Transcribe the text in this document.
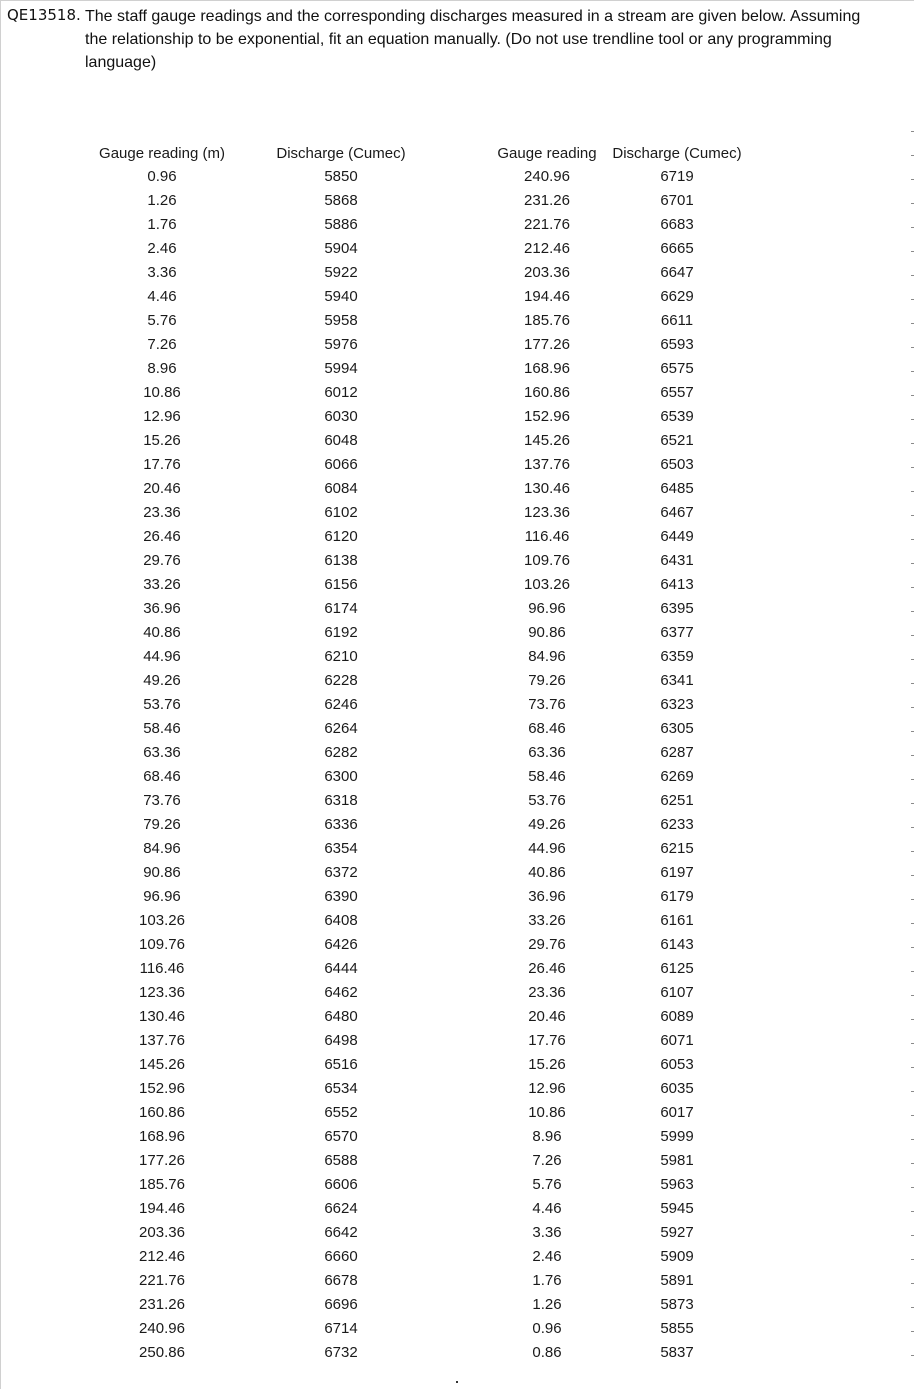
QE13518. The staff gauge readings and the corresponding discharges measured in a stream are given below. Assuming the relationship to be exponential, fit an equation manually. (Do not use trendline tool or any programming language)
Gauge reading (m)
0.96
1.26
1.76
2.46
3.36
4.46
5.76
7.26
8.96
10.86
12.96
15.26
17.76
20.46
23.36
26.46
29.76
33.26
36.96
40.86
44.96
49.26
53.76
58.46
63.36
68.46
73.76
79.26
84.96
90.86
96.96
103.26
109.76
116.46
123.36
130.46
137.76
145.26
152.96
160.86
168.96
177.26
185.76
194.46
203.36
212.46
221.76
231.26
240.96
250.86
Discharge (Cumec)
5850
5868
5886
5904
5922
5940
5958
5976
5994
6012
6030
6048
6066
6084
6102
6120
6138
6156
6174
6192
6210
6228
6246
6264
6282
6300
6318
6336
6354
6372
6390
6408
6426
6444
6462
6480
6498
6516
6534
6552
6570
6588
6606
6624
6642
6660
6678
6696
6714
6732
Gauge reading
240.96
231.26
221.76
212.46
203.36
194.46
185.76
177.26
168.96
160.86
152.96
145.26
137.76
130.46
123.36
116.46
109.76
103.26
96.96
90.86
84.96
79.26
73.76
68.46
63.36
58.46
53.76
49.26
44.96
40.86
36.96
33.26
29.76
26.46
23.36
20.46
17.76
15.26
12.96
10.86
8.96
7.26
5.76
4.46
3.36
2.46
1.76
1.26
0.96
0.86
Discharge (Cumec)
6719
6701
6683
6665
6647
6629
6611
6593
6575
6557
6539
6521
6503
6485
6467
6449
6431
6413
6395
6377
6359
6341
6323
6305
6287
6269
6251
6233
6215
6197
6179
6161
6143
6125
6107
6089
6071
6053
6035
6017
5999
5981
5963
5945
5927
5909
5891
5873
5855
5837
